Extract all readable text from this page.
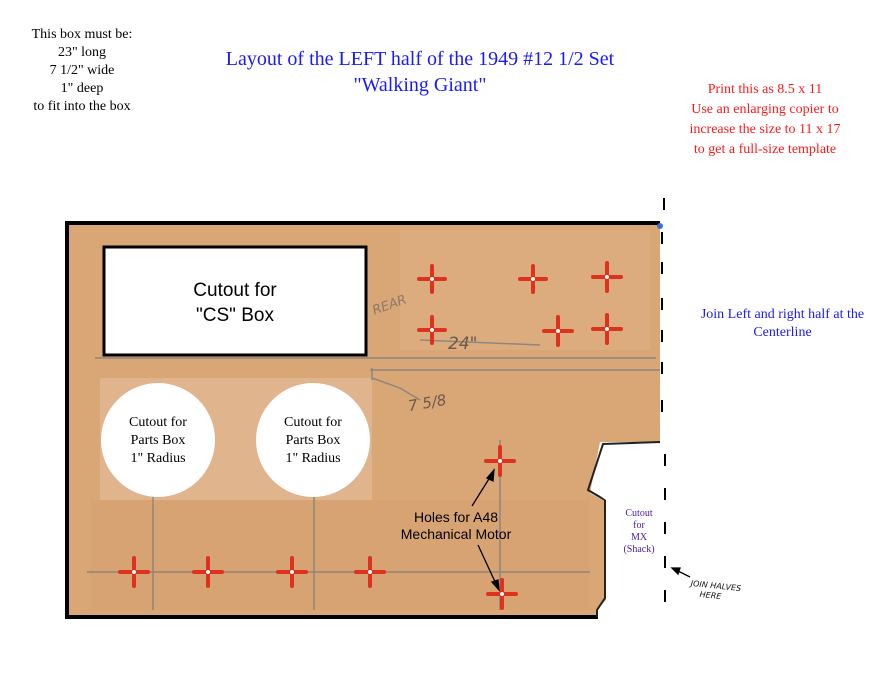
This box must be:
23" long
7 1/2" wide
1" deep
to fit into the box
Layout of the LEFT half of the 1949 #12 1/2 Set
"Walking Giant"	Print this as 8.5 x 11
Use an enlarging copier to
increase the size to 11 x 17
to get a full-size template
Join Left and right half at the
Centerline
Cutout for
"CS" Box
Cutout for
Parts Box
1" Radius
Cutout for
Parts Box
1" Radius
Holes for A48
Mechanical Motor
Cutout
for
MX
(Shack)
24"
7 5/8
REAR
JOIN HALVES
HERE
